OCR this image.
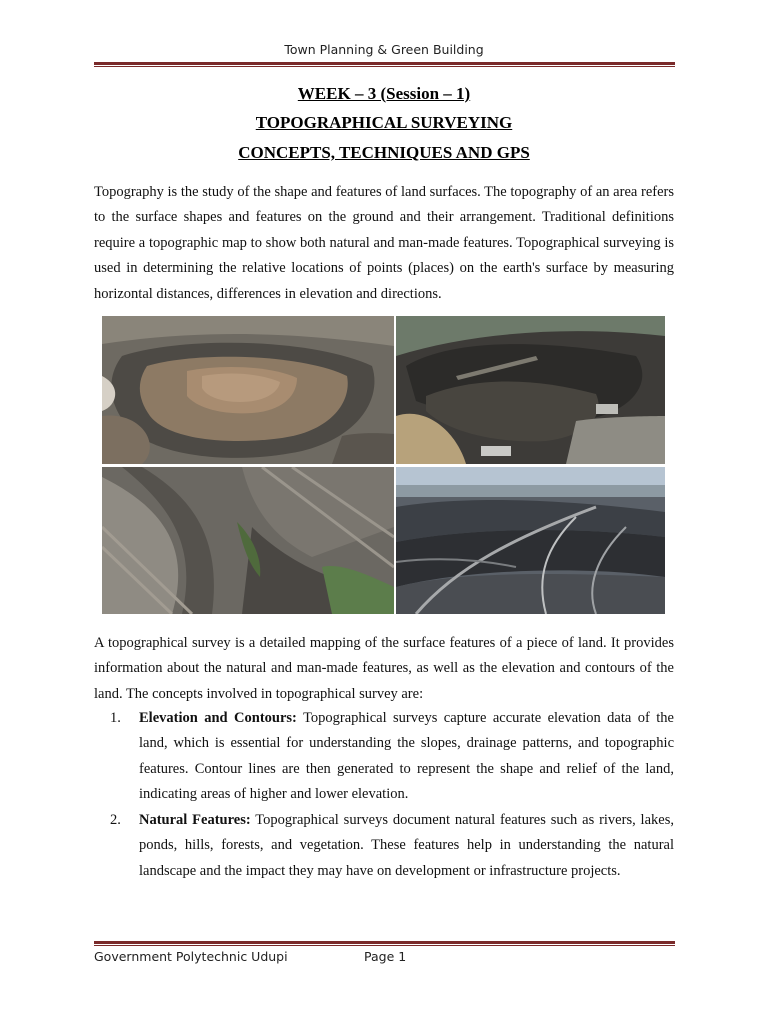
Town Planning & Green Building
WEEK – 3 (Session – 1)
TOPOGRAPHICAL SURVEYING
CONCEPTS, TECHNIQUES AND GPS

Topography is the study of the shape and features of land surfaces. The topography of an area refers to the surface shapes and features on the ground and their arrangement. Traditional definitions require a topographic map to show both natural and man-made features. Topographical surveying is used in determining the relative locations of points (places) on the earth's surface by measuring horizontal distances, differences in elevation and directions.

A topographical survey is a detailed mapping of the surface features of a piece of land. It provides information about the natural and man-made features, as well as the elevation and contours of the land. The concepts involved in topographical survey are:

1.	Elevation and Contours: Topographical surveys capture accurate elevation data of the land, which is essential for understanding the slopes, drainage patterns, and topographic features. Contour lines are then generated to represent the shape and relief of the land, indicating areas of higher and lower elevation.

2.	Natural Features: Topographical surveys document natural features such as rivers, lakes, ponds, hills, forests, and vegetation. These features help in understanding the natural landscape and the impact they may have on development or infrastructure projects.

Government Polytechnic Udupi	Page 1
